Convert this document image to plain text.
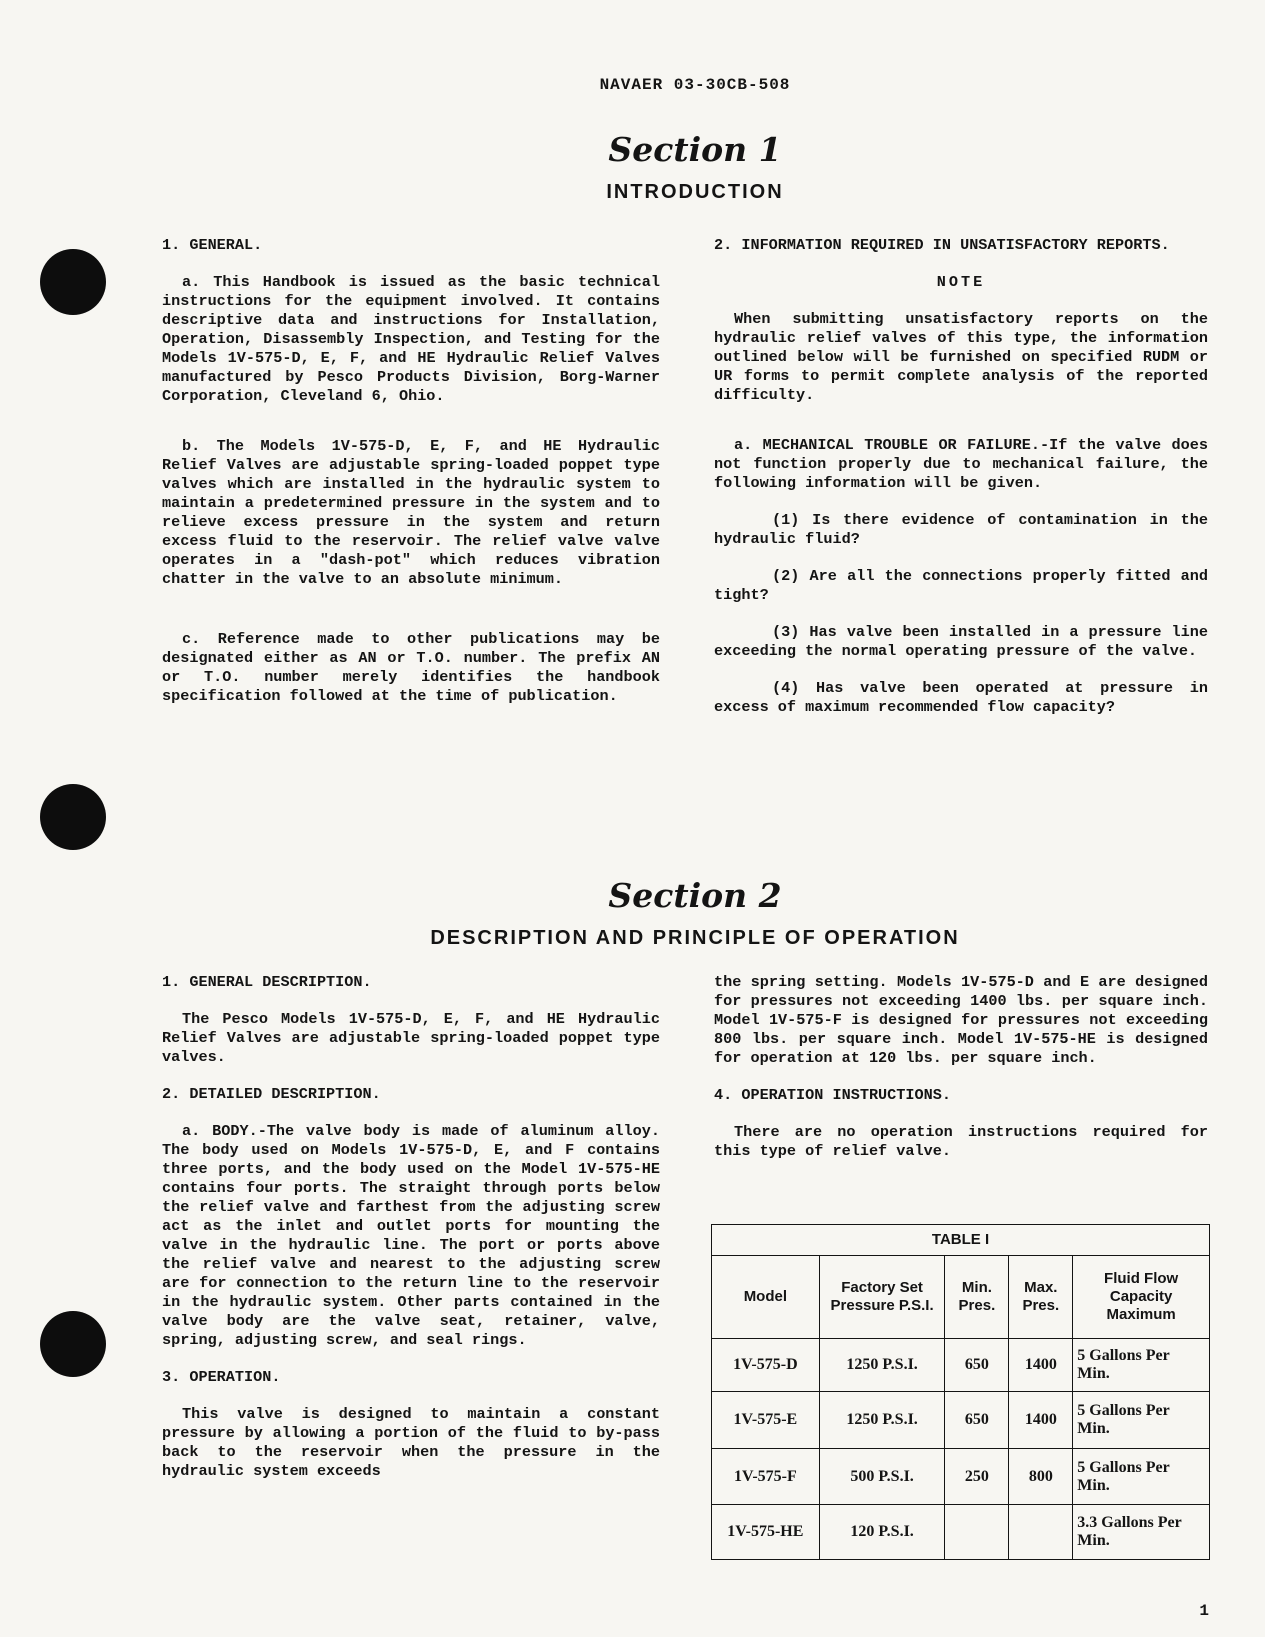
NAVAER 03-30CB-508
Section 1
INTRODUCTION

1. GENERAL.

a. This Handbook is issued as the basic technical instructions for the equipment involved. It contains descriptive data and instructions for Installation, Operation, Disassembly Inspection, and Testing for the Models 1V-575-D, E, F, and HE Hydraulic Relief Valves manufactured by Pesco Products Division, Borg-Warner Corporation, Cleveland 6, Ohio.

b. The Models 1V-575-D, E, F, and HE Hydraulic Relief Valves are adjustable spring-loaded poppet type valves which are installed in the hydraulic system to maintain a predetermined pressure in the system and to relieve excess pressure in the system and return excess fluid to the reservoir. The relief valve valve operates in a "dash-pot" which reduces vibration chatter in the valve to an absolute minimum.

c. Reference made to other publications may be designated either as AN or T.O. number. The prefix AN or T.O. number merely identifies the handbook specification followed at the time of publication.

2. INFORMATION REQUIRED IN UNSATISFACTORY REPORTS.

NOTE

When submitting unsatisfactory reports on the hydraulic relief valves of this type, the information outlined below will be furnished on specified RUDM or UR forms to permit complete analysis of the reported difficulty.

a. MECHANICAL TROUBLE OR FAILURE.-If the valve does not function properly due to mechanical failure, the following information will be given.

(1) Is there evidence of contamination in the hydraulic fluid?

(2) Are all the connections properly fitted and tight?

(3) Has valve been installed in a pressure line exceeding the normal operating pressure of the valve.

(4) Has valve been operated at pressure in excess of maximum recommended flow capacity?

Section 2
DESCRIPTION AND PRINCIPLE OF OPERATION

1. GENERAL DESCRIPTION.

The Pesco Models 1V-575-D, E, F, and HE Hydraulic Relief Valves are adjustable spring-loaded poppet type valves.

2. DETAILED DESCRIPTION.

a. BODY.-The valve body is made of aluminum alloy. The body used on Models 1V-575-D, E, and F contains three ports, and the body used on the Model 1V-575-HE contains four ports. The straight through ports below the relief valve and farthest from the adjusting screw act as the inlet and outlet ports for mounting the valve in the hydraulic line. The port or ports above the relief valve and nearest to the adjusting screw are for connection to the return line to the reservoir in the hydraulic system. Other parts contained in the valve body are the valve seat, retainer, valve, spring, adjusting screw, and seal rings.

3. OPERATION.

This valve is designed to maintain a constant pressure by allowing a portion of the fluid to by-pass back to the reservoir when the pressure in the hydraulic system exceeds

the spring setting. Models 1V-575-D and E are designed for pressures not exceeding 1400 lbs. per square inch. Model 1V-575-F is designed for pressures not exceeding 800 lbs. per square inch. Model 1V-575-HE is designed for operation at 120 lbs. per square inch.

4. OPERATION INSTRUCTIONS.

There are no operation instructions required for this type of relief valve.

TABLE I				
Model	Factory Set Pressure P.S.I.	Min. Pres.	Max. Pres.	Fluid Flow Capacity Maximum
1V-575-D	1250 P.S.I.	650	1400	5 Gallons Per Min.
1V-575-E	1250 P.S.I.	650	1400	5 Gallons Per Min.
1V-575-F	500 P.S.I.	250	800	5 Gallons Per Min.
1V-575-HE	120 P.S.I.			3.3 Gallons Per Min.
1
